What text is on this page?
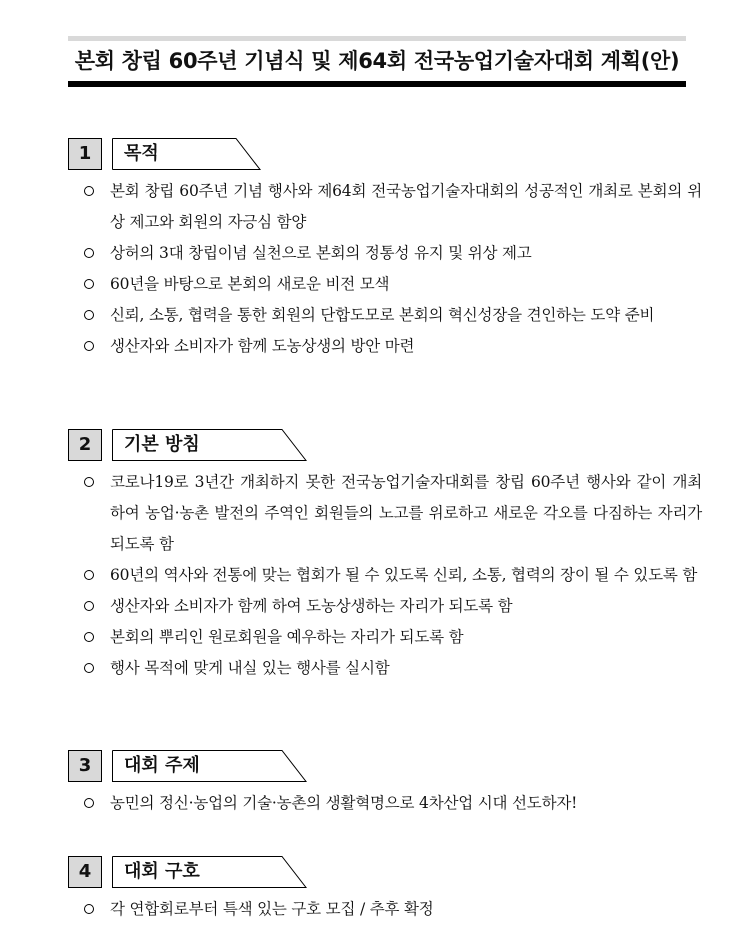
본회 창립 60주년 기념식 및 제64회 전국농업기술자대회 계획(안)
1	목적
본회 창립 60주년 기념 행사와 제64회 전국농업기술자대회의 성공적인 개최로 본회의 위상 제고와 회원의 자긍심 함양
상허의 3대 창립이념 실천으로 본회의 정통성 유지 및 위상 제고
60년을 바탕으로 본회의 새로운 비전 모색
신뢰, 소통, 협력을 통한 회원의 단합도모로 본회의 혁신성장을 견인하는 도약 준비
생산자와 소비자가 함께 도농상생의 방안 마련
2	기본 방침
코로나19로 3년간 개최하지 못한 전국농업기술자대회를 창립 60주년 행사와 같이 개최하여 농업·농촌 발전의 주역인 회원들의 노고를 위로하고 새로운 각오를 다짐하는 자리가 되도록 함
60년의 역사와 전통에 맞는 협회가 될 수 있도록 신뢰, 소통, 협력의 장이 될 수 있도록 함
생산자와 소비자가 함께 하여 도농상생하는 자리가 되도록 함
본회의 뿌리인 원로회원을 예우하는 자리가 되도록 함
행사 목적에 맞게 내실 있는 행사를 실시함
3	대회 주제
농민의 정신·농업의 기술·농촌의 생활혁명으로 4차산업 시대 선도하자!
4	대회 구호
각 연합회로부터 특색 있는 구호 모집 / 추후 확정
